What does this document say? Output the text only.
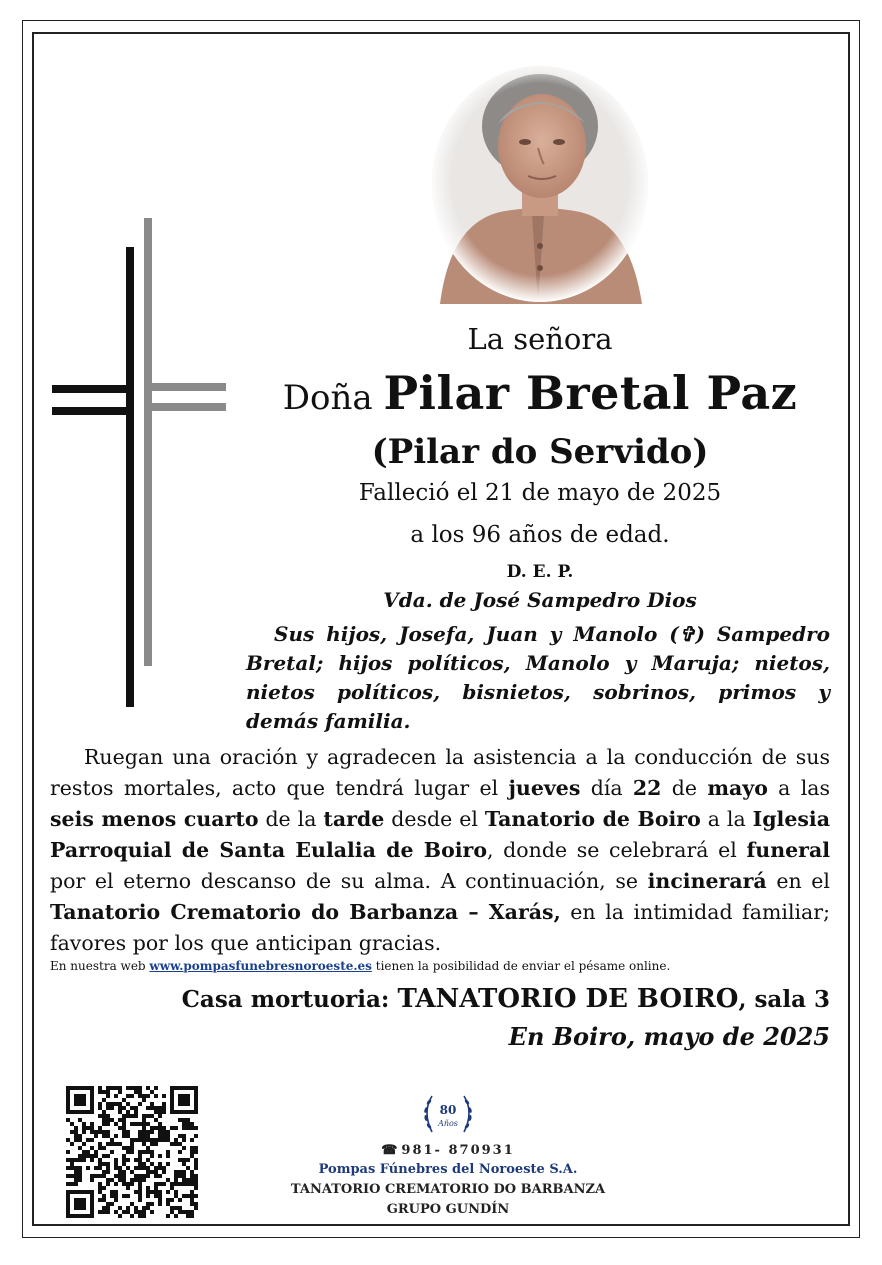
La señora
Doña Pilar Bretal Paz
(Pilar do Servido)
Falleció el 21 de mayo de 2025
a los 96 años de edad.
D. E. P.
Vda. de José Sampedro Dios

Sus hijos, Josefa, Juan y Manolo (✞) Sampedro Bretal; hijos políticos, Manolo y Maruja; nietos, nietos políticos, bisnietos, sobrinos, primos y demás familia.

Ruegan una oración y agradecen la asistencia a la conducción de sus restos mortales, acto que tendrá lugar el jueves día 22 de mayo a las seis menos cuarto de la tarde desde el Tanatorio de Boiro a la Iglesia Parroquial de Santa Eulalia de Boiro, donde se celebrará el funeral por el eterno descanso de su alma. A continuación, se incinerará en el Tanatorio Crematorio do Barbanza – Xarás, en la intimidad familiar; favores por los que anticipan gracias.

En nuestra web www.pompasfunebresnoroeste.es tienen la posibilidad de enviar el pésame online.
Casa mortuoria: TANATORIO DE BOIRO, sala 3
En Boiro, mayo de 2025
80
Años
☎ 981- 870931
Pompas Fúnebres del Noroeste S.A.
TANATORIO CREMATORIO DO BARBANZA
GRUPO GUNDÍN
